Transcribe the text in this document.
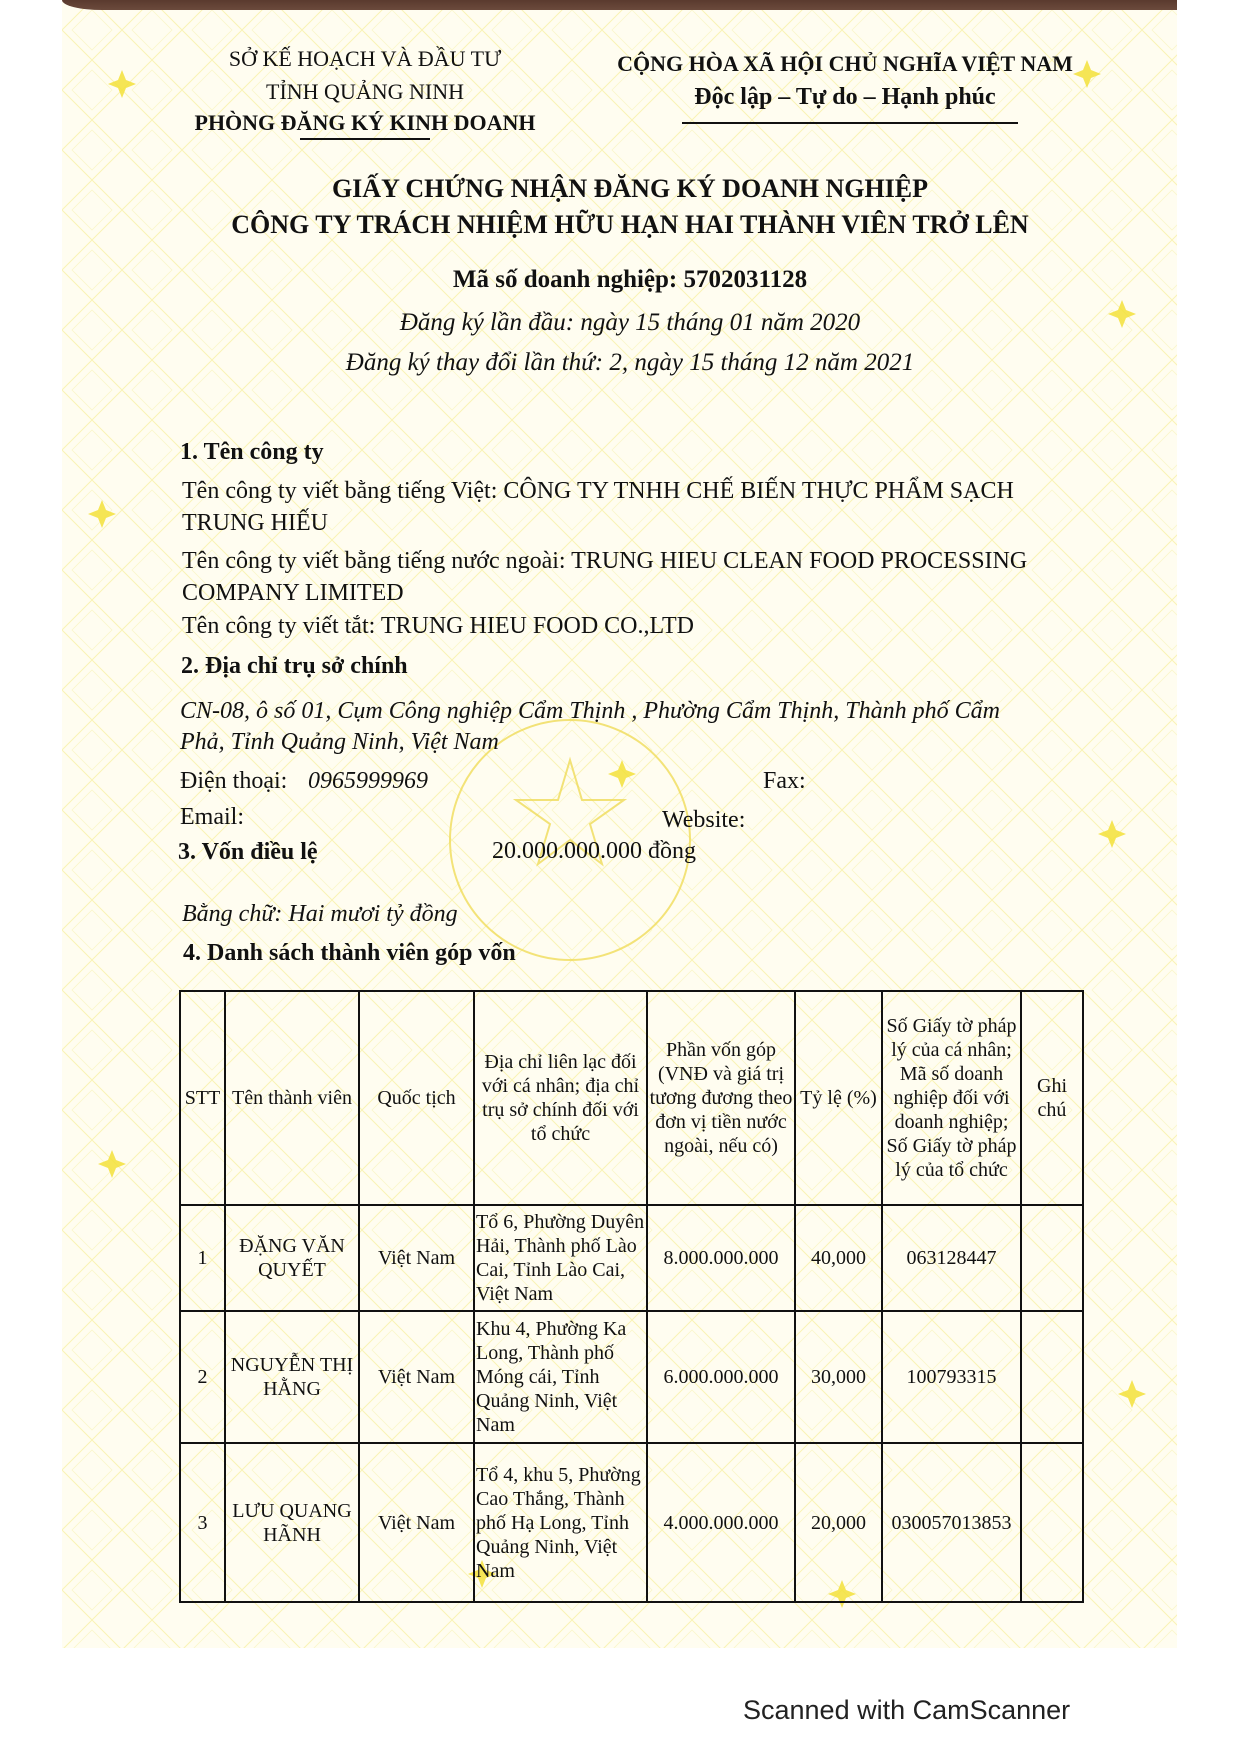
SỞ KẾ HOẠCH VÀ ĐẦU TƯ
TỈNH QUẢNG NINH
PHÒNG ĐĂNG KÝ KINH DOANH
CỘNG HÒA XÃ HỘI CHỦ NGHĨA VIỆT NAM
Độc lập – Tự do – Hạnh phúc
GIẤY CHỨNG NHẬN ĐĂNG KÝ DOANH NGHIỆP
CÔNG TY TRÁCH NHIỆM HỮU HẠN HAI THÀNH VIÊN TRỞ LÊN
Mã số doanh nghiệp: 5702031128
Đăng ký lần đầu: ngày 15 tháng 01 năm 2020
Đăng ký thay đổi lần thứ: 2, ngày 15 tháng 12 năm 2021
1. Tên công ty
Tên công ty viết bằng tiếng Việt: CÔNG TY TNHH CHẾ BIẾN THỰC PHẨM SẠCH
TRUNG HIẾU
Tên công ty viết bằng tiếng nước ngoài: TRUNG HIEU CLEAN FOOD PROCESSING
COMPANY LIMITED
Tên công ty viết tắt: TRUNG HIEU FOOD CO.,LTD
2. Địa chỉ trụ sở chính
CN-08, ô số 01, Cụm Công nghiệp Cẩm Thịnh , Phường Cẩm Thịnh, Thành phố Cẩm
Phả, Tỉnh Quảng Ninh, Việt Nam
Điện thoại: 0965999969	Fax:
Email:	Website:
3. Vốn điều lệ	20.000.000.000 đồng
Bằng chữ: Hai mươi tỷ đồng
4. Danh sách thành viên góp vốn
STT	Tên thành viên	Quốc tịch	Địa chỉ liên lạc đối với cá nhân; địa chỉ trụ sở chính đối với tổ chức	Phần vốn góp (VNĐ và giá trị tương đương theo đơn vị tiền nước ngoài, nếu có)	Tỷ lệ (%)	Số Giấy tờ pháp lý của cá nhân; Mã số doanh nghiệp đối với doanh nghiệp; Số Giấy tờ pháp lý của tổ chức	Ghi chú
1	ĐẶNG VĂN QUYẾT	Việt Nam	Tổ 6, Phường Duyên Hải, Thành phố Lào Cai, Tỉnh Lào Cai, Việt Nam	8.000.000.000	40,000	063128447	
2	NGUYỄN THỊ HẰNG	Việt Nam	Khu 4, Phường Ka Long, Thành phố Móng cái, Tỉnh Quảng Ninh, Việt Nam	6.000.000.000	30,000	100793315	
3	LƯU QUANG HÃNH	Việt Nam	Tổ 4, khu 5, Phường Cao Thắng, Thành phố Hạ Long, Tỉnh Quảng Ninh, Việt Nam	4.000.000.000	20,000	030057013853	
Scanned with CamScanner
